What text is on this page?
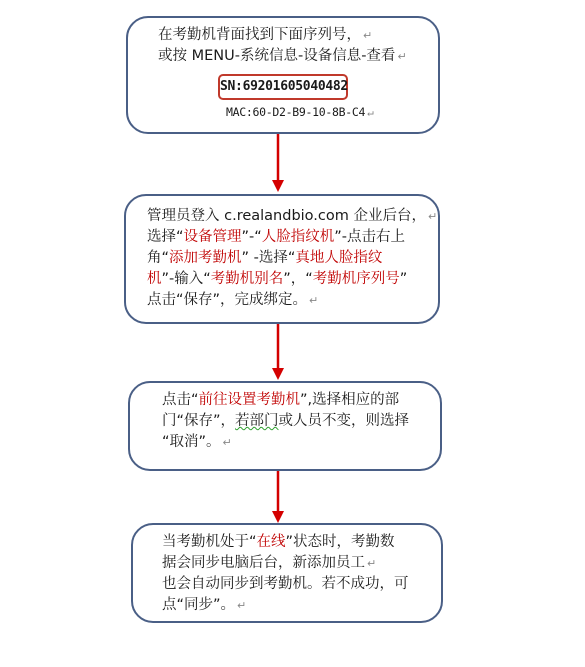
在考勤机背面找到下面序列号， ↵
或按 MENU-系统信息-设备信息-查看 ↵
SN:69201605040482
MAC:60-D2-B9-10-8B-C4 ↵
管理员登入 c.realandbio.com 企业后台， ↵
选择“设备管理”-“人脸指纹机”-点击右上
角“添加考勤机” -选择“真地人脸指纹
机”-输入“考勤机别名”，“考勤机序列号”
点击“保存”，完成绑定。 ↵
点击“前往设置考勤机”,选择相应的部
门“保存”，若部门或人员不变，则选择
“取消”。 ↵
当考勤机处于“在线”状态时，考勤数
据会同步电脑后台，新添加员工 ↵
也会自动同步到考勤机。若不成功，可
点“同步”。 ↵
